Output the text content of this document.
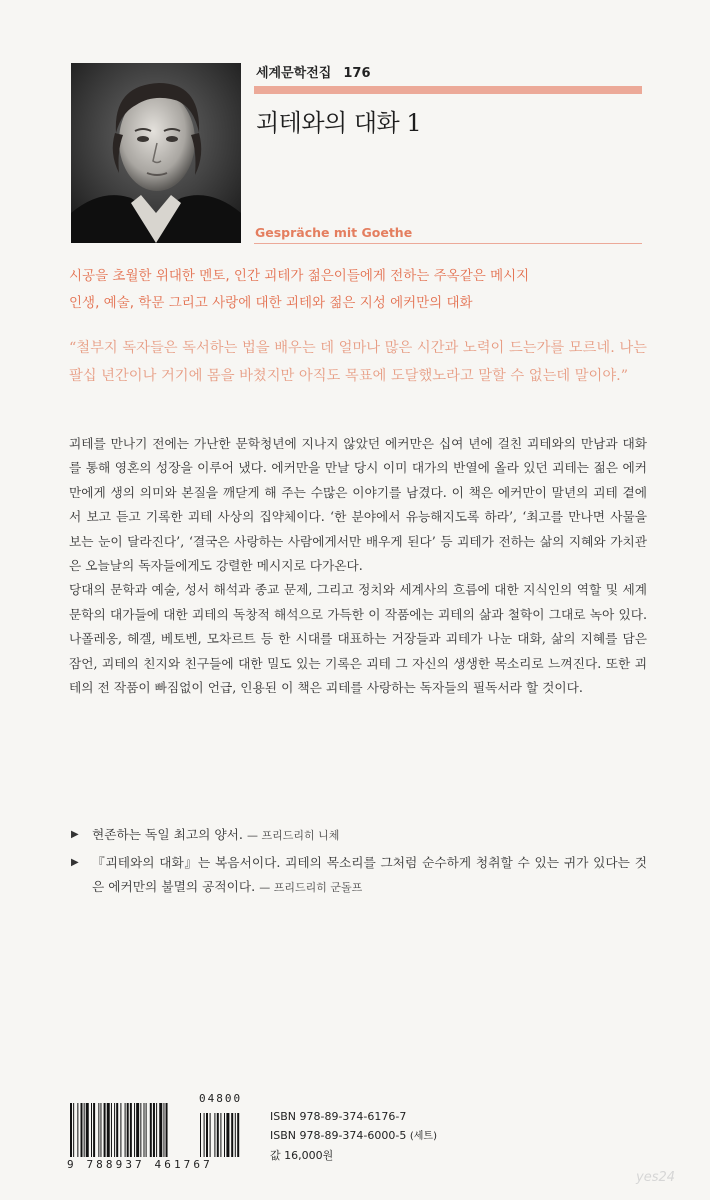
세계문학전집 176
괴테와의 대화 1
Gespräche mit Goethe
시공을 초월한 위대한 멘토, 인간 괴테가 젊은이들에게 전하는 주옥같은 메시지
인생, 예술, 학문 그리고 사랑에 대한 괴테와 젊은 지성 에커만의 대화
“철부지 독자들은 독서하는 법을 배우는 데 얼마나 많은 시간과 노력이 드는가를 모르네. 나는 팔십 년간이나 거기에 몸을 바쳤지만 아직도 목표에 도달했노라고 말할 수 없는데 말이야.”

괴테를 만나기 전에는 가난한 문학청년에 지나지 않았던 에커만은 십여 년에 걸친 괴테와의 만남과 대화를 통해 영혼의 성장을 이루어 냈다. 에커만을 만날 당시 이미 대가의 반열에 올라 있던 괴테는 젊은 에커만에게 생의 의미와 본질을 깨닫게 해 주는 수많은 이야기를 남겼다. 이 책은 에커만이 말년의 괴테 곁에서 보고 듣고 기록한 괴테 사상의 집약체이다. ‘한 분야에서 유능해지도록 하라’, ‘최고를 만나면 사물을 보는 눈이 달라진다’, ‘결국은 사랑하는 사람에게서만 배우게 된다’ 등 괴테가 전하는 삶의 지혜와 가치관은 오늘날의 독자들에게도 강렬한 메시지로 다가온다.

당대의 문학과 예술, 성서 해석과 종교 문제, 그리고 정치와 세계사의 흐름에 대한 지식인의 역할 및 세계 문학의 대가들에 대한 괴테의 독창적 해석으로 가득한 이 작품에는 괴테의 삶과 철학이 그대로 녹아 있다. 나폴레옹, 헤겔, 베토벤, 모차르트 등 한 시대를 대표하는 거장들과 괴테가 나눈 대화, 삶의 지혜를 담은 잠언, 괴테의 친지와 친구들에 대한 밀도 있는 기록은 괴테 그 자신의 생생한 목소리로 느껴진다. 또한 괴테의 전 작품이 빠짐없이 언급, 인용된 이 책은 괴테를 사랑하는 독자들의 필독서라 할 것이다.

▶ 현존하는 독일 최고의 양서. — 프리드리히 니체
▶ 『괴테와의 대화』는 복음서이다. 괴테의 목소리를 그처럼 순수하게 청취할 수 있는 귀가 있다는 것은 에커만의 불멸의 공적이다. — 프리드리히 군돌프
04800
9 788937 461767
ISBN 978-89-374-6176-7
ISBN 978-89-374-6000-5 (세트)
값 16,000원
yes24
